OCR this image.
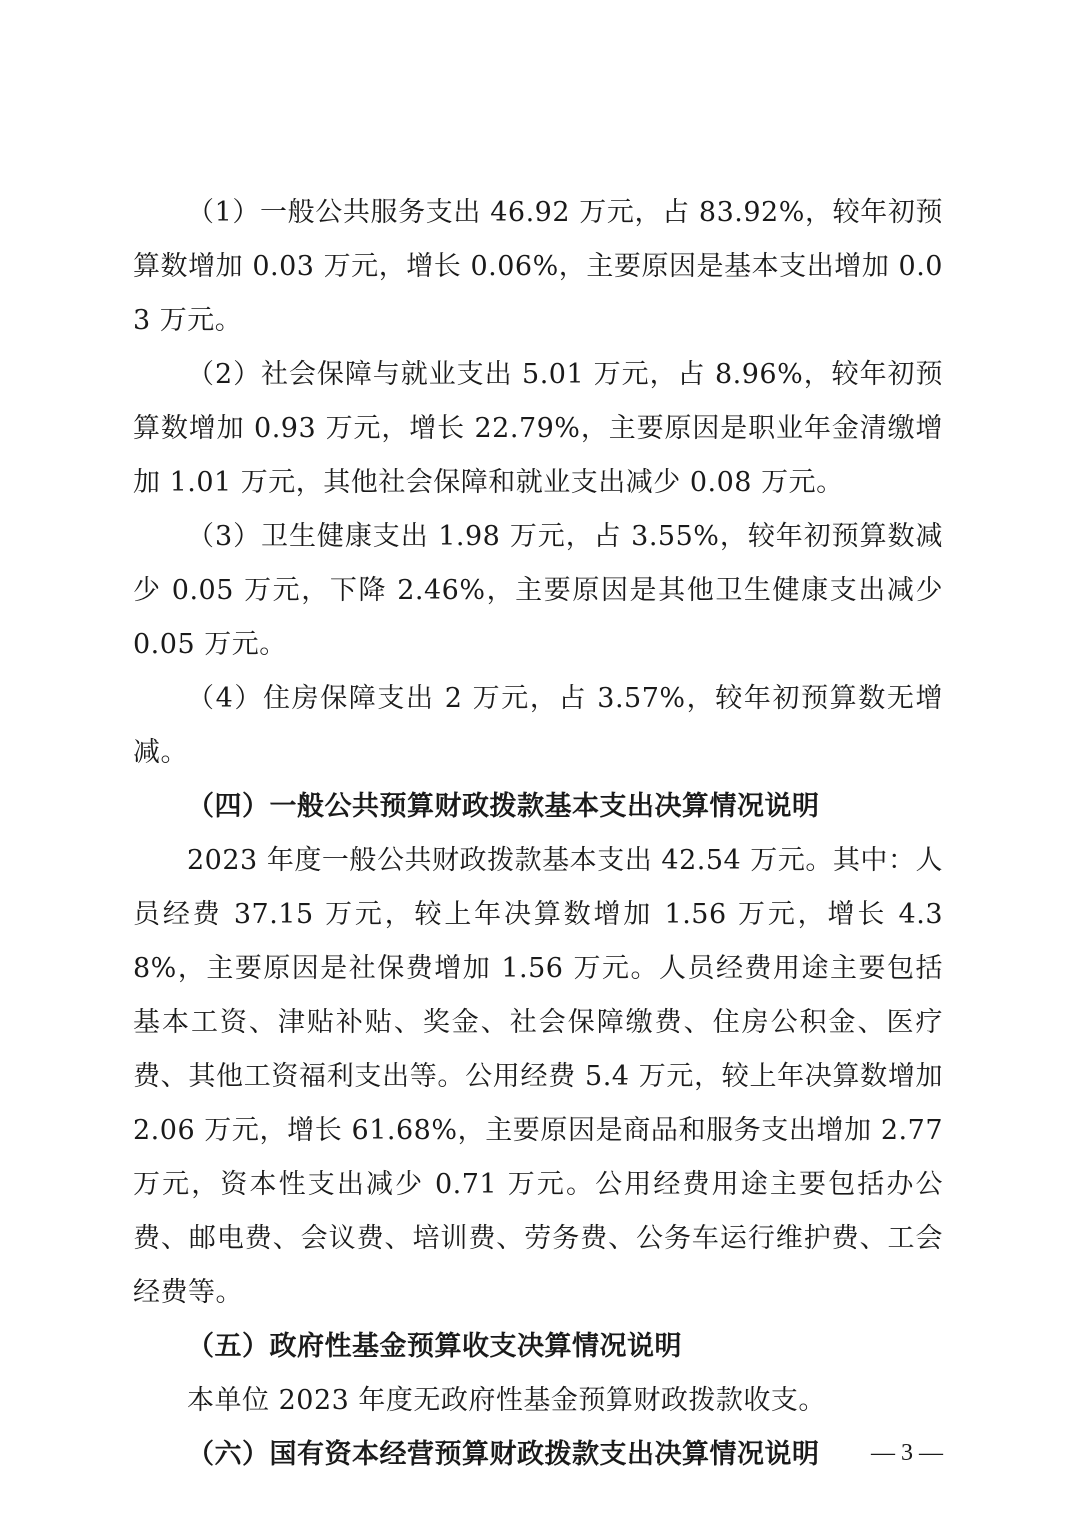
（1）一般公共服务支出 46.92 万元，占 83.92%，较年初预算数增加 0.03 万元，增长 0.06%，主要原因是基本支出增加 0.03 万元。

（2）社会保障与就业支出 5.01 万元，占 8.96%，较年初预算数增加 0.93 万元，增长 22.79%，主要原因是职业年金清缴增加 1.01 万元，其他社会保障和就业支出减少 0.08 万元。

（3）卫生健康支出 1.98 万元，占 3.55%，较年初预算数减少 0.05 万元，下降 2.46%，主要原因是其他卫生健康支出减少 0.05 万元。

（4）住房保障支出 2 万元，占 3.57%，较年初预算数无增减。

（四）一般公共预算财政拨款基本支出决算情况说明

2023 年度一般公共财政拨款基本支出 42.54 万元。其中：人员经费 37.15 万元，较上年决算数增加 1.56 万元，增长 4.38%，主要原因是社保费增加 1.56 万元。人员经费用途主要包括基本工资、津贴补贴、奖金、社会保障缴费、住房公积金、医疗费、其他工资福利支出等。公用经费 5.4 万元，较上年决算数增加 2.06 万元，增长 61.68%，主要原因是商品和服务支出增加 2.77 万元，资本性支出减少 0.71 万元。公用经费用途主要包括办公费、邮电费、会议费、培训费、劳务费、公务车运行维护费、工会经费等。

（五）政府性基金预算收支决算情况说明

本单位 2023 年度无政府性基金预算财政拨款收支。

（六）国有资本经营预算财政拨款支出决算情况说明	— 3 —
